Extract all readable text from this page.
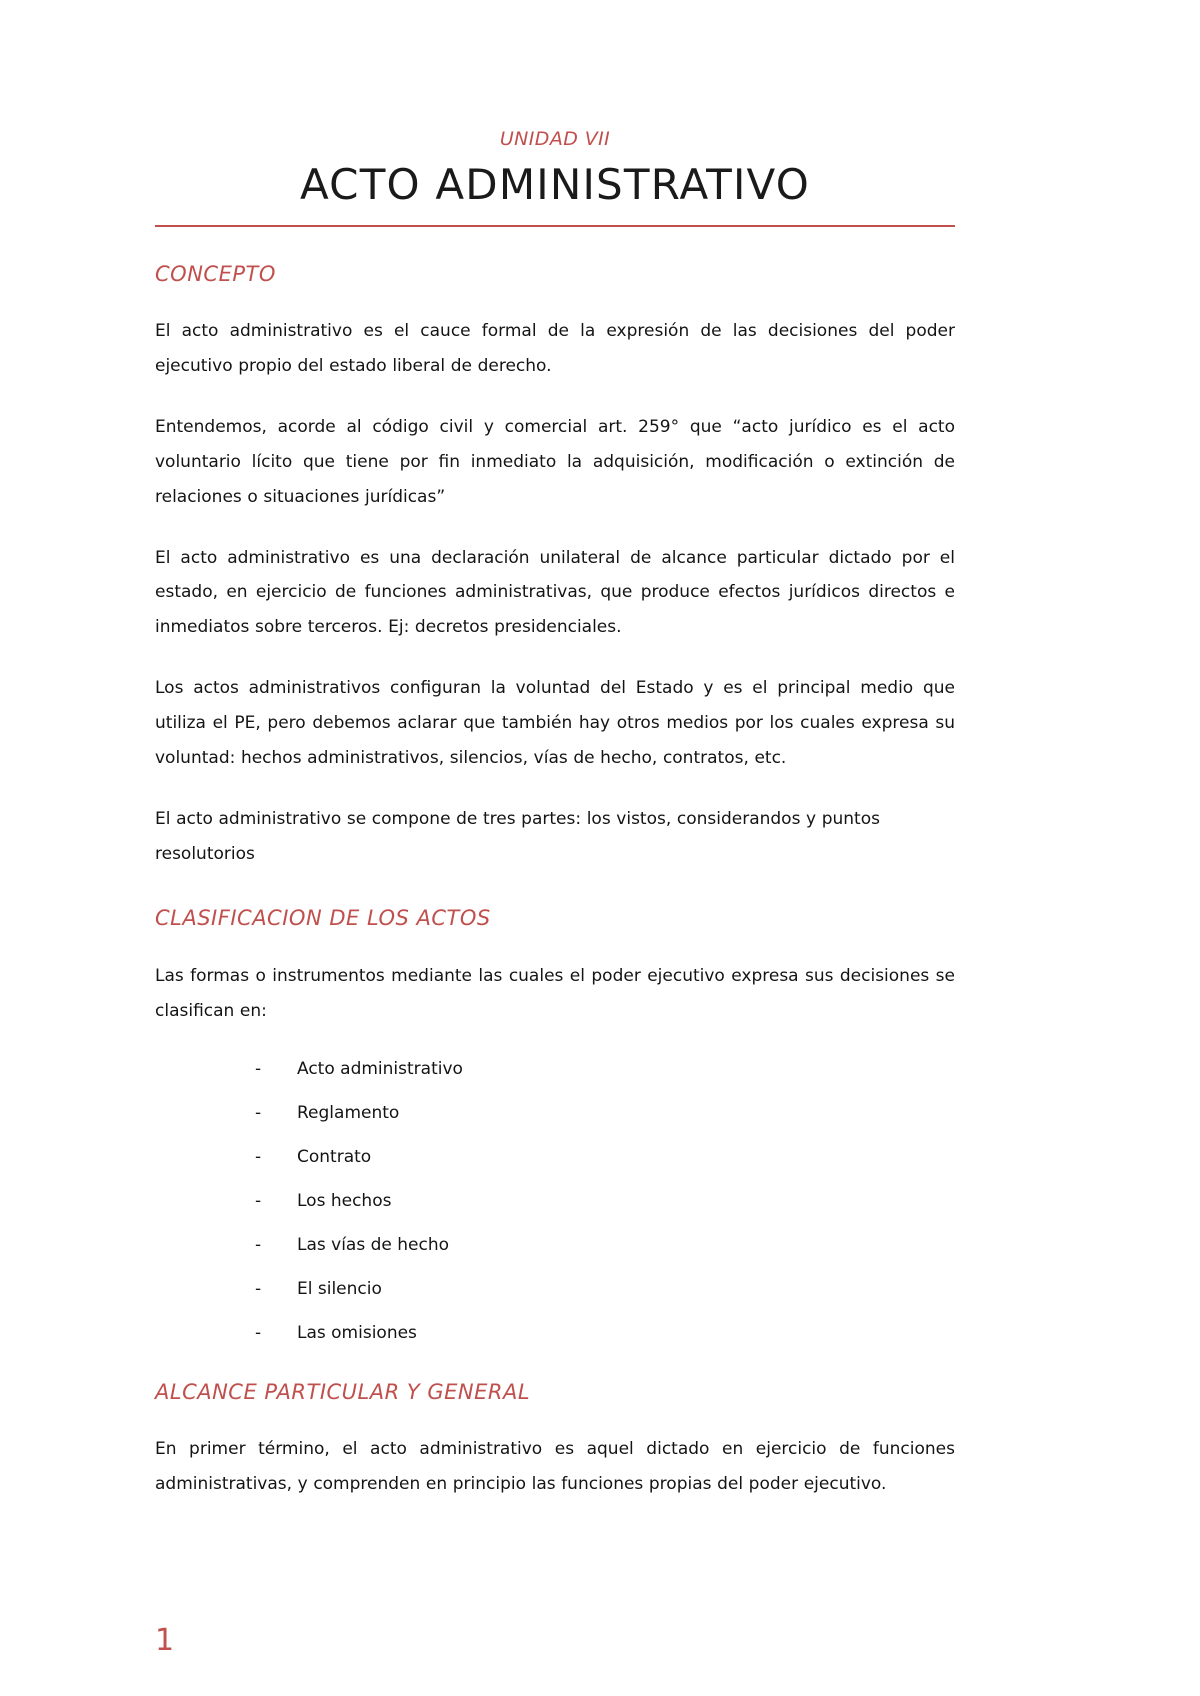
UNIDAD VII
ACTO ADMINISTRATIVO
CONCEPTO

El acto administrativo es el cauce formal de la expresión de las decisiones del poder ejecutivo propio del estado liberal de derecho.

Entendemos, acorde al código civil y comercial art. 259° que “acto jurídico es el acto voluntario lícito que tiene por fin inmediato la adquisición, modificación o extinción de relaciones o situaciones jurídicas”

El acto administrativo es una declaración unilateral de alcance particular dictado por el estado, en ejercicio de funciones administrativas, que produce efectos jurídicos directos e inmediatos sobre terceros. Ej: decretos presidenciales.

Los actos administrativos configuran la voluntad del Estado y es el principal medio que utiliza el PE, pero debemos aclarar que también hay otros medios por los cuales expresa su voluntad: hechos administrativos, silencios, vías de hecho, contratos, etc.

El acto administrativo se compone de tres partes: los vistos, considerandos y puntos resolutorios

CLASIFICACION DE LOS ACTOS

Las formas o instrumentos mediante las cuales el poder ejecutivo expresa sus decisiones se clasifican en:

-	Acto administrativo
-	Reglamento
-	Contrato
-	Los hechos
-	Las vías de hecho
-	El silencio
-	Las omisiones
ALCANCE PARTICULAR Y GENERAL

En primer término, el acto administrativo es aquel dictado en ejercicio de funciones administrativas, y comprenden en principio las funciones propias del poder ejecutivo.

1
